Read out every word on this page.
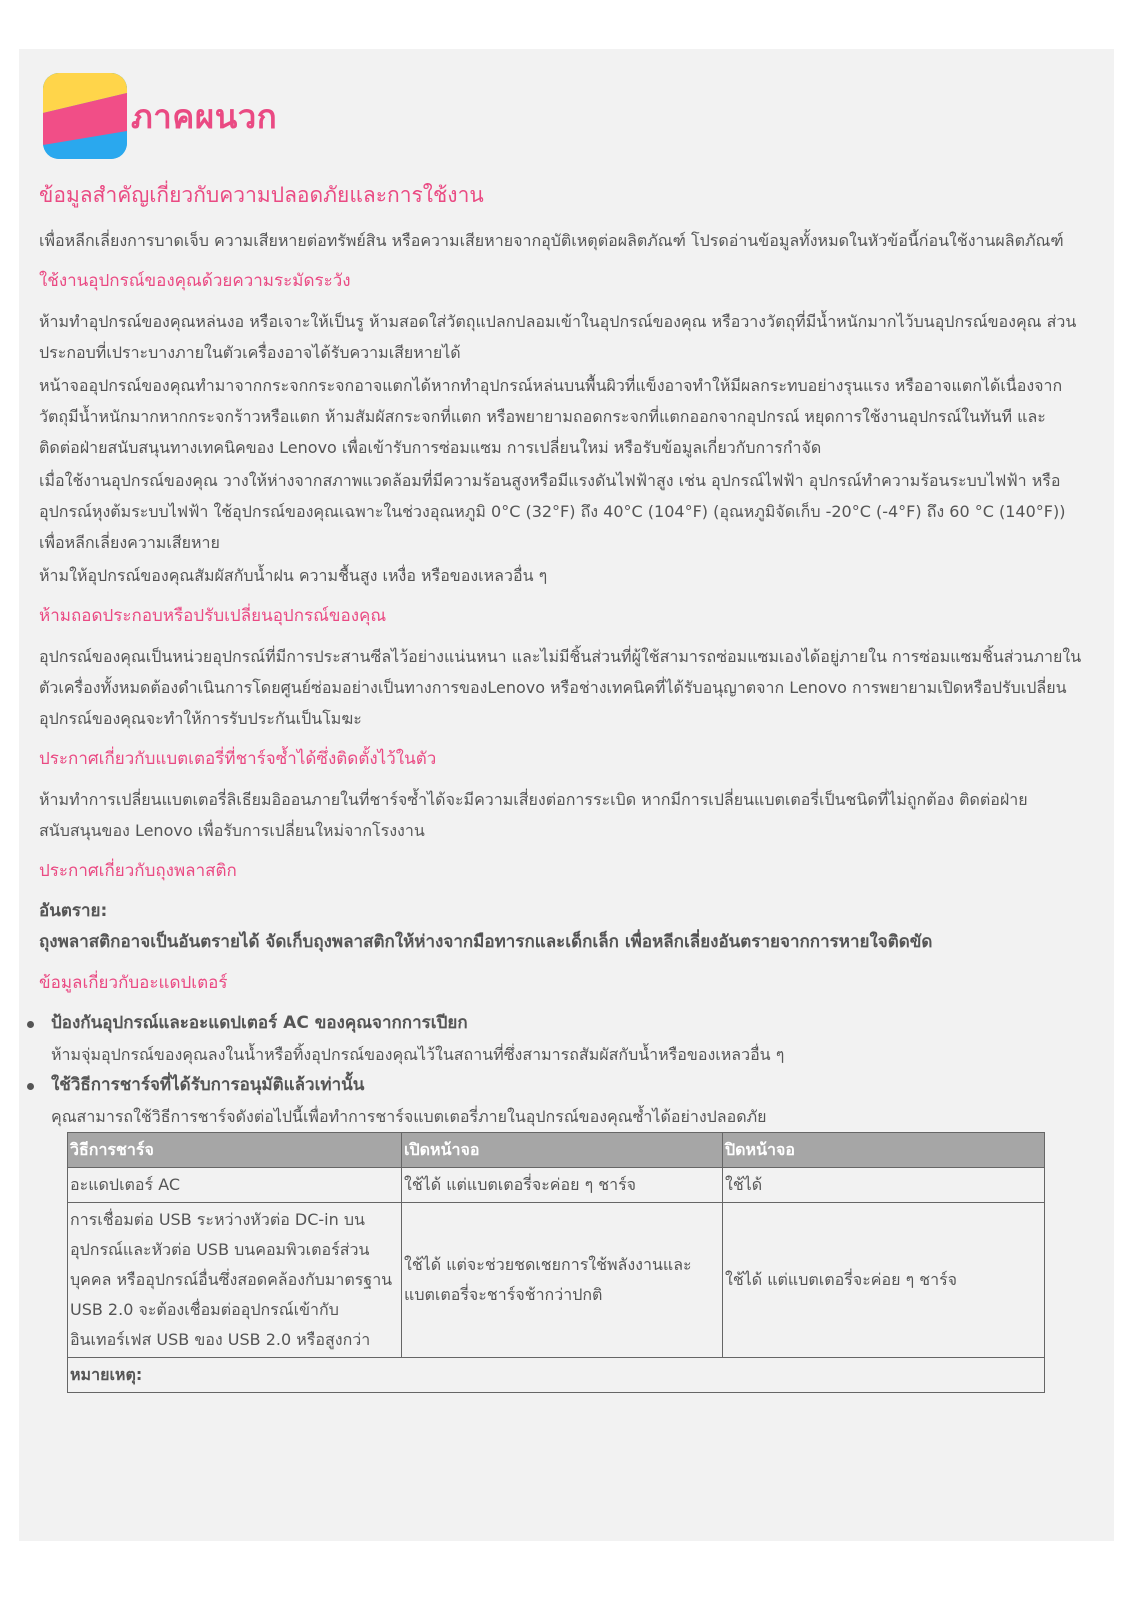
ภาคผนวก
ข้อมูลสำคัญเกี่ยวกับความปลอดภัยและการใช้งาน

เพื่อหลีกเลี่ยงการบาดเจ็บ ความเสียหายต่อทรัพย์สิน หรือความเสียหายจากอุบัติเหตุต่อผลิตภัณฑ์ โปรดอ่านข้อมูลทั้งหมดในหัวข้อนี้ก่อนใช้งานผลิตภัณฑ์

ใช้งานอุปกรณ์ของคุณด้วยความระมัดระวัง

ห้ามทำอุปกรณ์ของคุณหล่นงอ หรือเจาะให้เป็นรู ห้ามสอดใส่วัตถุแปลกปลอมเข้าในอุปกรณ์ของคุณ หรือวางวัตถุที่มีน้ำหนักมากไว้บนอุปกรณ์ของคุณ ส่วนประกอบที่เปราะบางภายในตัวเครื่องอาจได้รับความเสียหายได้

หน้าจออุปกรณ์ของคุณทำมาจากกระจกกระจกอาจแตกได้หากทำอุปกรณ์หล่นบนพื้นผิวที่แข็งอาจทำให้มีผลกระทบอย่างรุนแรง หรืออาจแตกได้เนื่องจากวัตถุมีน้ำหนักมากหากกระจกร้าวหรือแตก ห้ามสัมผัสกระจกที่แตก หรือพยายามถอดกระจกที่แตกออกจากอุปกรณ์ หยุดการใช้งานอุปกรณ์ในทันที และติดต่อฝ่ายสนับสนุนทางเทคนิคของ Lenovo เพื่อเข้ารับการซ่อมแซม การเปลี่ยนใหม่ หรือรับข้อมูลเกี่ยวกับการกำจัด

เมื่อใช้งานอุปกรณ์ของคุณ วางให้ห่างจากสภาพแวดล้อมที่มีความร้อนสูงหรือมีแรงดันไฟฟ้าสูง เช่น อุปกรณ์ไฟฟ้า อุปกรณ์ทำความร้อนระบบไฟฟ้า หรืออุปกรณ์หุงต้มระบบไฟฟ้า ใช้อุปกรณ์ของคุณเฉพาะในช่วงอุณหภูมิ 0°C (32°F) ถึง 40°C (104°F) (อุณหภูมิจัดเก็บ -20°C (-4°F) ถึง 60 °C (140°F)) เพื่อหลีกเลี่ยงความเสียหาย

ห้ามให้อุปกรณ์ของคุณสัมผัสกับน้ำฝน ความชื้นสูง เหงื่อ หรือของเหลวอื่น ๆ

ห้ามถอดประกอบหรือปรับเปลี่ยนอุปกรณ์ของคุณ

อุปกรณ์ของคุณเป็นหน่วยอุปกรณ์ที่มีการประสานซีลไว้อย่างแน่นหนา และไม่มีชิ้นส่วนที่ผู้ใช้สามารถซ่อมแซมเองได้อยู่ภายใน การซ่อมแซมชิ้นส่วนภายในตัวเครื่องทั้งหมดต้องดำเนินการโดยศูนย์ซ่อมอย่างเป็นทางการของLenovo หรือช่างเทคนิคที่ได้รับอนุญาตจาก Lenovo การพยายามเปิดหรือปรับเปลี่ยนอุปกรณ์ของคุณจะทำให้การรับประกันเป็นโมฆะ

ประกาศเกี่ยวกับแบตเตอรี่ที่ชาร์จซ้ำได้ซึ่งติดตั้งไว้ในตัว

ห้ามทำการเปลี่ยนแบตเตอรี่ลิเธียมอิออนภายในที่ชาร์จซ้ำได้จะมีความเสี่ยงต่อการระเบิด หากมีการเปลี่ยนแบตเตอรี่เป็นชนิดที่ไม่ถูกต้อง ติดต่อฝ่ายสนับสนุนของ Lenovo เพื่อรับการเปลี่ยนใหม่จากโรงงาน

ประกาศเกี่ยวกับถุงพลาสติก
อันตราย:
ถุงพลาสติกอาจเป็นอันตรายได้ จัดเก็บถุงพลาสติกให้ห่างจากมือทารกและเด็กเล็ก เพื่อหลีกเลี่ยงอันตรายจากการหายใจติดขัด
ข้อมูลเกี่ยวกับอะแดปเตอร์
ป้องกันอุปกรณ์และอะแดปเตอร์ AC ของคุณจากการเปียก
ห้ามจุ่มอุปกรณ์ของคุณลงในน้ำหรือทิ้งอุปกรณ์ของคุณไว้ในสถานที่ซึ่งสามารถสัมผัสกับน้ำหรือของเหลวอื่น ๆ
ใช้วิธีการชาร์จที่ได้รับการอนุมัติแล้วเท่านั้น
คุณสามารถใช้วิธีการชาร์จดังต่อไปนี้เพื่อทำการชาร์จแบตเตอรี่ภายในอุปกรณ์ของคุณซ้ำได้อย่างปลอดภัย
วิธีการชาร์จ	เปิดหน้าจอ	ปิดหน้าจอ
อะแดปเตอร์ AC	ใช้ได้ แต่แบตเตอรี่จะค่อย ๆ ชาร์จ	ใช้ได้
การเชื่อมต่อ USB ระหว่างหัวต่อ DC-in บนอุปกรณ์และหัวต่อ USB บนคอมพิวเตอร์ส่วนบุคคล หรืออุปกรณ์อื่นซึ่งสอดคล้องกับมาตรฐาน USB 2.0 จะต้องเชื่อมต่ออุปกรณ์เข้ากับอินเทอร์เฟส USB ของ USB 2.0 หรือสูงกว่า	ใช้ได้ แต่จะช่วยชดเชยการใช้พลังงานและแบตเตอรี่จะชาร์จช้ากว่าปกติ	ใช้ได้ แต่แบตเตอรี่จะค่อย ๆ ชาร์จ
หมายเหตุ:		
